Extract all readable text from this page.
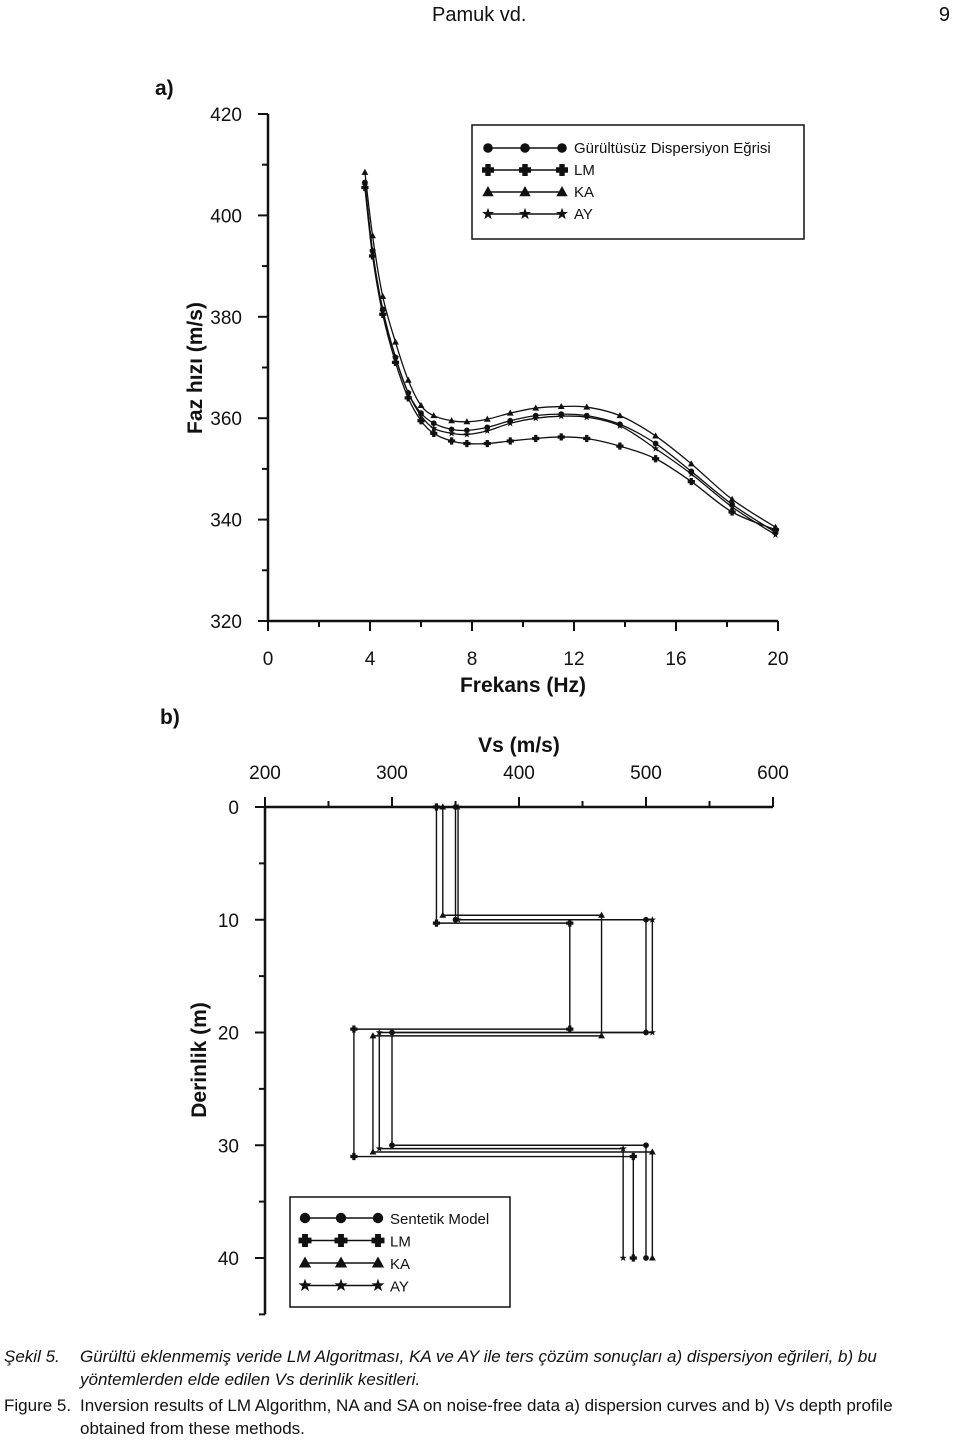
Pamuk vd.	9
a)
0	4	8	12	16	20
320
340
360
380
400
420
Frekans (Hz)
Faz hızı (m/s)
Gürültüsüz Dispersiyon Eğrisi
LM
KA
AY
b)
Vs (m/s)
200	300	400	500	600
0
10
20
30
40
Derinlik (m)
Sentetik Model
LM
KA
AY
Şekil 5. Gürültü eklenmemiş veride LM Algoritması, KA ve AY ile ters çözüm sonuçları a) dispersiyon eğrileri, b) bu yöntemlerden elde edilen Vs derinlik kesitleri.
Figure 5. Inversion results of LM Algorithm, NA and SA on noise-free data a) dispersion curves and b) Vs depth profile obtained from these methods.
